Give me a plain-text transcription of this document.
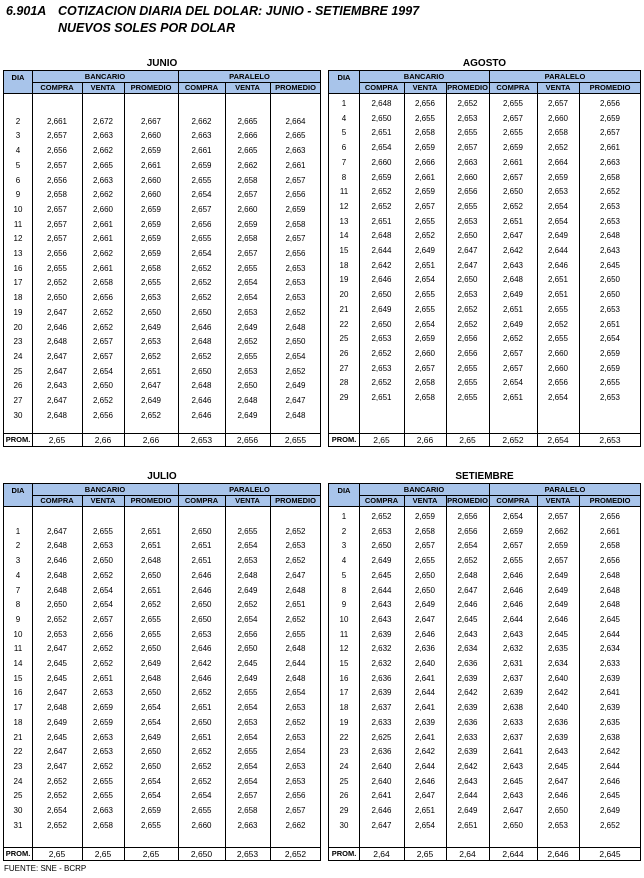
6.901A COTIZACION DIARIA DEL DOLAR: JUNIO - SETIEMBRE 1997
NUEVOS SOLES POR DOLAR
JUNIO
DIA	BANCARIO	PARALELO
COMPRA	VENTA	PROMEDIO	COMPRA	VENTA	PROMEDIO
2	2,661	2,672	2,667	2,662	2,665	2,664
3	2,657	2,663	2,660	2,663	2,666	2,665
4	2,656	2,662	2,659	2,661	2,665	2,663
5	2,657	2,665	2,661	2,659	2,662	2,661
6	2,656	2,663	2,660	2,655	2,658	2,657
9	2,658	2,662	2,660	2,654	2,657	2,656
10	2,657	2,660	2,659	2,657	2,660	2,659
11	2,657	2,661	2,659	2,656	2,659	2,658
12	2,657	2,661	2,659	2,655	2,658	2,657
13	2,656	2,662	2,659	2,654	2,657	2,656
16	2,655	2,661	2,658	2,652	2,655	2,653
17	2,652	2,658	2,655	2,652	2,654	2,653
18	2,650	2,656	2,653	2,652	2,654	2,653
19	2,647	2,652	2,650	2,650	2,653	2,652
20	2,646	2,652	2,649	2,646	2,649	2,648
23	2,648	2,657	2,653	2,648	2,652	2,650
24	2,647	2,657	2,652	2,652	2,655	2,654
25	2,647	2,654	2,651	2,650	2,653	2,652
26	2,643	2,650	2,647	2,648	2,650	2,649
27	2,647	2,652	2,649	2,646	2,648	2,647
30	2,648	2,656	2,652	2,646	2,649	2,648
PROM.	2,65	2,66	2,66	2,653	2,656	2,655
AGOSTO
DIA	BANCARIO	PARALELO
COMPRA	VENTA	PROMEDIO	COMPRA	VENTA	PROMEDIO
1	2,648	2,656	2,652	2,655	2,657	2,656
4	2,650	2,655	2,653	2,657	2,660	2,659
5	2,651	2,658	2,655	2,655	2,658	2,657
6	2,654	2,659	2,657	2,659	2,652	2,661
7	2,660	2,666	2,663	2,661	2,664	2,663
8	2,659	2,661	2,660	2,657	2,659	2,658
11	2,652	2,659	2,656	2,650	2,653	2,652
12	2,652	2,657	2,655	2,652	2,654	2,653
13	2,651	2,655	2,653	2,651	2,654	2,653
14	2,648	2,652	2,650	2,647	2,649	2,648
15	2,644	2,649	2,647	2,642	2,644	2,643
18	2,642	2,651	2,647	2,643	2,646	2,645
19	2,646	2,654	2,650	2,648	2,651	2,650
20	2,650	2,655	2,653	2,649	2,651	2,650
21	2,649	2,655	2,652	2,651	2,655	2,653
22	2,650	2,654	2,652	2,649	2,652	2,651
25	2,653	2,659	2,656	2,652	2,655	2,654
26	2,652	2,660	2,656	2,657	2,660	2,659
27	2,653	2,657	2,655	2,657	2,660	2,659
28	2,652	2,658	2,655	2,654	2,656	2,655
29	2,651	2,658	2,655	2,651	2,654	2,653
PROM.	2,65	2,66	2,65	2,652	2,654	2,653
JULIO
DIA	BANCARIO	PARALELO
COMPRA	VENTA	PROMEDIO	COMPRA	VENTA	PROMEDIO
1	2,647	2,655	2,651	2,650	2,655	2,652
2	2,648	2,653	2,651	2,651	2,654	2,653
3	2,646	2,650	2,648	2,651	2,653	2,652
4	2,648	2,652	2,650	2,646	2,648	2,647
7	2,648	2,654	2,651	2,646	2,649	2,648
8	2,650	2,654	2,652	2,650	2,652	2,651
9	2,652	2,657	2,655	2,650	2,654	2,652
10	2,653	2,656	2,655	2,653	2,656	2,655
11	2,647	2,652	2,650	2,646	2,650	2,648
14	2,645	2,652	2,649	2,642	2,645	2,644
15	2,645	2,651	2,648	2,646	2,649	2,648
16	2,647	2,653	2,650	2,652	2,655	2,654
17	2,648	2,659	2,654	2,651	2,654	2,653
18	2,649	2,659	2,654	2,650	2,653	2,652
21	2,645	2,653	2,649	2,651	2,654	2,653
22	2,647	2,653	2,650	2,652	2,655	2,654
23	2,647	2,652	2,650	2,652	2,654	2,653
24	2,652	2,655	2,654	2,652	2,654	2,653
25	2,652	2,655	2,654	2,654	2,657	2,656
30	2,654	2,663	2,659	2,655	2,658	2,657
31	2,652	2,658	2,655	2,660	2,663	2,662
PROM.	2,65	2,65	2,65	2,650	2,653	2,652
SETIEMBRE
DIA	BANCARIO	PARALELO
COMPRA	VENTA	PROMEDIO	COMPRA	VENTA	PROMEDIO
1	2,652	2,659	2,656	2,654	2,657	2,656
2	2,653	2,658	2,656	2,659	2,662	2,661
3	2,650	2,657	2,654	2,657	2,659	2,658
4	2,649	2,655	2,652	2,655	2,657	2,656
5	2,645	2,650	2,648	2,646	2,649	2,648
8	2,644	2,650	2,647	2,646	2,649	2,648
9	2,643	2,649	2,646	2,646	2,649	2,648
10	2,643	2,647	2,645	2,644	2,646	2,645
11	2,639	2,646	2,643	2,643	2,645	2,644
12	2,632	2,636	2,634	2,632	2,635	2,634
15	2,632	2,640	2,636	2,631	2,634	2,633
16	2,636	2,641	2,639	2,637	2,640	2,639
17	2,639	2,644	2,642	2,639	2,642	2,641
18	2,637	2,641	2,639	2,638	2,640	2,639
19	2,633	2,639	2,636	2,633	2,636	2,635
22	2,625	2,641	2,633	2,637	2,639	2,638
23	2,636	2,642	2,639	2,641	2,643	2,642
24	2,640	2,644	2,642	2,643	2,645	2,644
25	2,640	2,646	2,643	2,645	2,647	2,646
26	2,641	2,647	2,644	2,643	2,646	2,645
29	2,646	2,651	2,649	2,647	2,650	2,649
30	2,647	2,654	2,651	2,650	2,653	2,652
PROM.	2,64	2,65	2,64	2,644	2,646	2,645
FUENTE: SNE - BCRP
